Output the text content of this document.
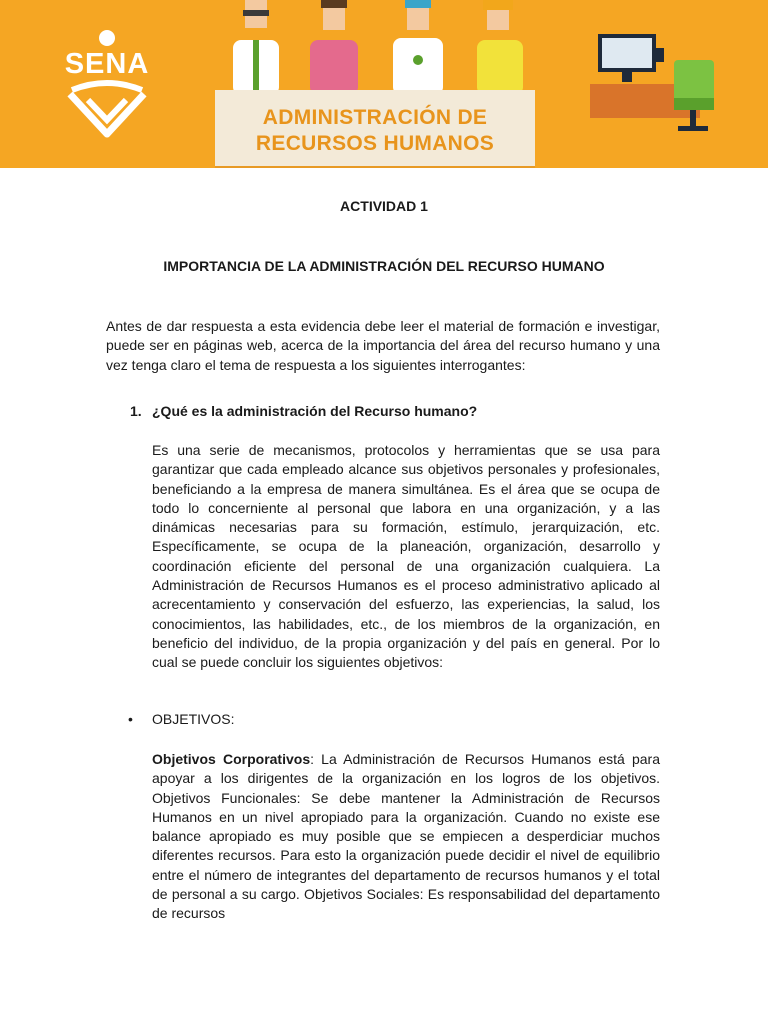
SENA
ADMINISTRACIÓN DE
RECURSOS HUMANOS
ACTIVIDAD 1
IMPORTANCIA DE LA ADMINISTRACIÓN DEL RECURSO HUMANO
Antes de dar respuesta a esta evidencia debe leer el material de formación e investigar, puede ser en páginas web, acerca de la importancia del área del recurso humano y una vez tenga claro el tema de respuesta a los siguientes interrogantes:
1. ¿Qué es la administración del Recurso humano?
Es una serie de mecanismos, protocolos y herramientas que se usa para garantizar que cada empleado alcance sus objetivos personales y profesionales, beneficiando a la empresa de manera simultánea. Es el área que se ocupa de todo lo concerniente al personal que labora en una organización, y a las dinámicas necesarias para su formación, estímulo, jerarquización, etc. Específicamente, se ocupa de la planeación, organización, desarrollo y coordinación eficiente del personal de una organización cualquiera. La Administración de Recursos Humanos es el proceso administrativo aplicado al acrecentamiento y conservación del esfuerzo, las experiencias, la salud, los conocimientos, las habilidades, etc., de los miembros de la organización, en beneficio del individuo, de la propia organización y del país en general. Por lo cual se puede concluir los siguientes objetivos:
• OBJETIVOS:
Objetivos Corporativos: La Administración de Recursos Humanos está para apoyar a los dirigentes de la organización en los logros de los objetivos. Objetivos Funcionales: Se debe mantener la Administración de Recursos Humanos en un nivel apropiado para la organización. Cuando no existe ese balance apropiado es muy posible que se empiecen a desperdiciar muchos diferentes recursos. Para esto la organización puede decidir el nivel de equilibrio entre el número de integrantes del departamento de recursos humanos y el total de personal a su cargo. Objetivos Sociales: Es responsabilidad del departamento de recursos
